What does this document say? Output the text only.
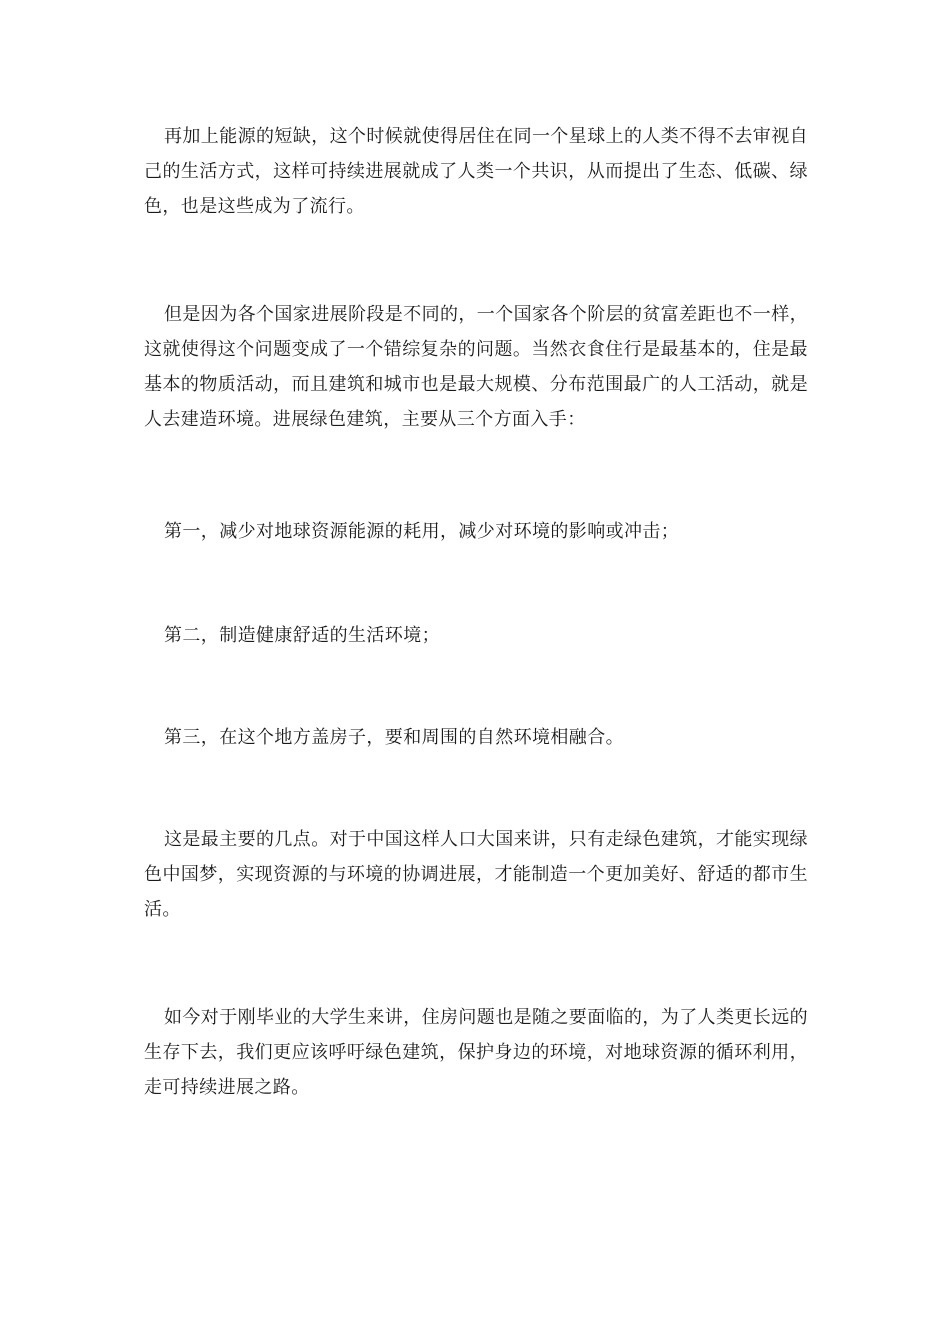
再加上能源的短缺，这个时候就使得居住在同一个星球上的人类不得不去审视自己的生活方式，这样可持续进展就成了人类一个共识，从而提出了生态、低碳、绿色，也是这些成为了流行。

但是因为各个国家进展阶段是不同的，一个国家各个阶层的贫富差距也不一样，这就使得这个问题变成了一个错综复杂的问题。当然衣食住行是最基本的，住是最基本的物质活动，而且建筑和城市也是最大规模、分布范围最广的人工活动，就是人去建造环境。进展绿色建筑，主要从三个方面入手：

第一，减少对地球资源能源的耗用，减少对环境的影响或冲击；

第二，制造健康舒适的生活环境；

第三，在这个地方盖房子，要和周围的自然环境相融合。

这是最主要的几点。对于中国这样人口大国来讲，只有走绿色建筑，才能实现绿色中国梦，实现资源的与环境的协调进展，才能制造一个更加美好、舒适的都市生活。

如今对于刚毕业的大学生来讲，住房问题也是随之要面临的，为了人类更长远的生存下去，我们更应该呼吁绿色建筑，保护身边的环境，对地球资源的循环利用，走可持续进展之路。
